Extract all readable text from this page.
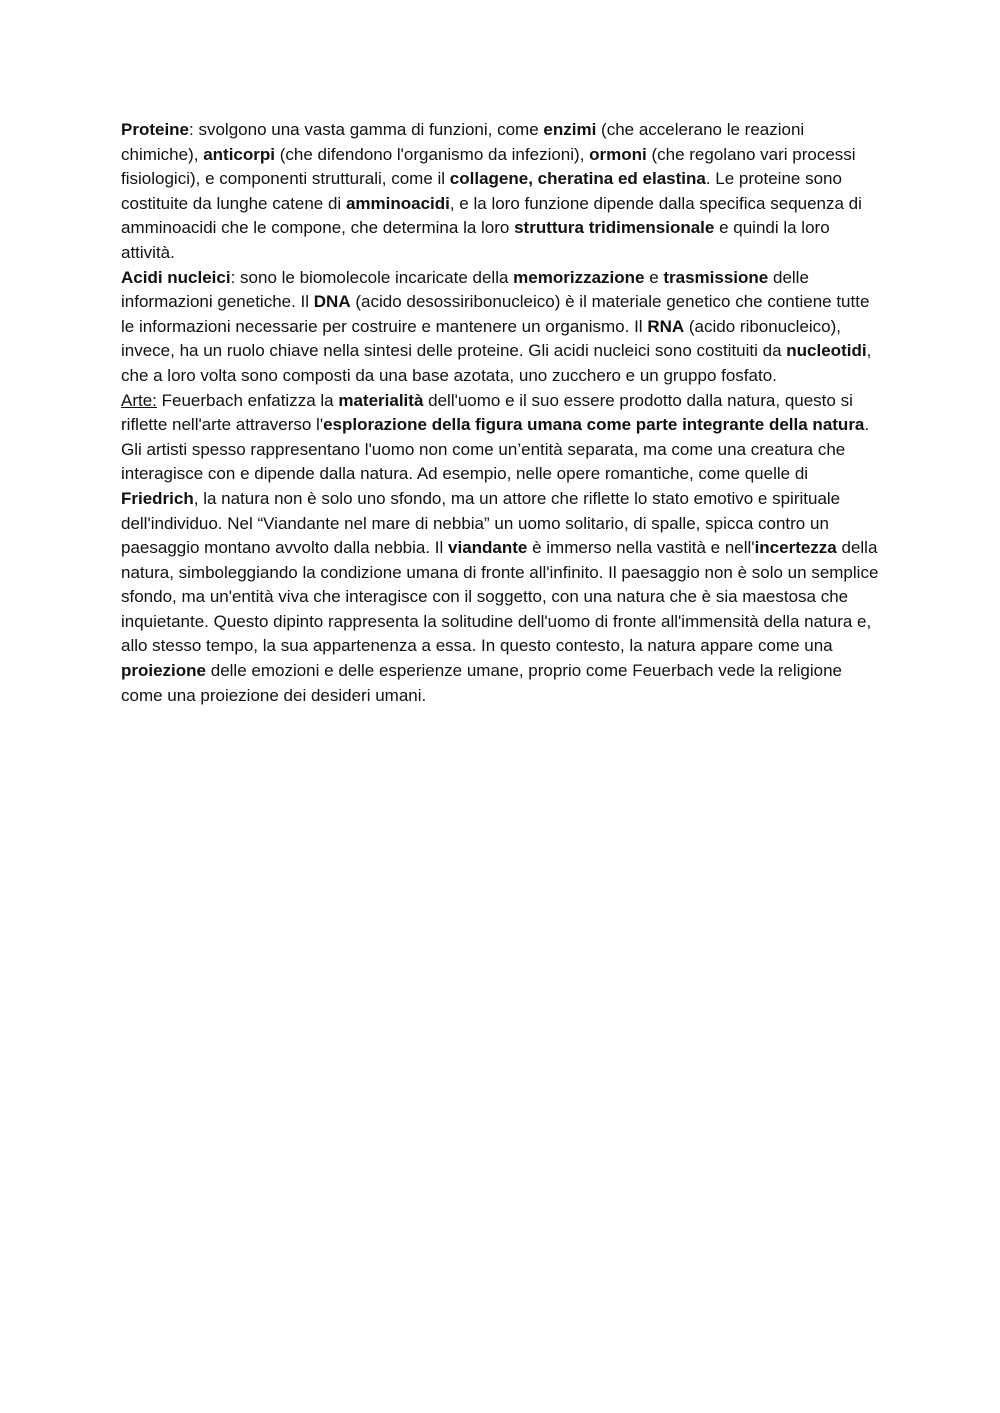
Proteine: svolgono una vasta gamma di funzioni, come enzimi (che accelerano le reazioni chimiche), anticorpi (che difendono l'organismo da infezioni), ormoni (che regolano vari processi fisiologici), e componenti strutturali, come il collagene, cheratina ed elastina. Le proteine sono costituite da lunghe catene di amminoacidi, e la loro funzione dipende dalla specifica sequenza di amminoacidi che le compone, che determina la loro struttura tridimensionale e quindi la loro attività.

Acidi nucleici: sono le biomolecole incaricate della memorizzazione e trasmissione delle informazioni genetiche. Il DNA (acido desossiribonucleico) è il materiale genetico che contiene tutte le informazioni necessarie per costruire e mantenere un organismo. Il RNA (acido ribonucleico), invece, ha un ruolo chiave nella sintesi delle proteine. Gli acidi nucleici sono costituiti da nucleotidi, che a loro volta sono composti da una base azotata, uno zucchero e un gruppo fosfato.

Arte: Feuerbach enfatizza la materialità dell'uomo e il suo essere prodotto dalla natura, questo si riflette nell'arte attraverso l'esplorazione della figura umana come parte integrante della natura. Gli artisti spesso rappresentano l'uomo non come un’entità separata, ma come una creatura che interagisce con e dipende dalla natura. Ad esempio, nelle opere romantiche, come quelle di Friedrich, la natura non è solo uno sfondo, ma un attore che riflette lo stato emotivo e spirituale dell'individuo. Nel “Viandante nel mare di nebbia” un uomo solitario, di spalle, spicca contro un paesaggio montano avvolto dalla nebbia. Il viandante è immerso nella vastità e nell'incertezza della natura, simboleggiando la condizione umana di fronte all'infinito. Il paesaggio non è solo un semplice sfondo, ma un'entità viva che interagisce con il soggetto, con una natura che è sia maestosa che inquietante. Questo dipinto rappresenta la solitudine dell'uomo di fronte all'immensità della natura e, allo stesso tempo, la sua appartenenza a essa. In questo contesto, la natura appare come una proiezione delle emozioni e delle esperienze umane, proprio come Feuerbach vede la religione come una proiezione dei desideri umani.
